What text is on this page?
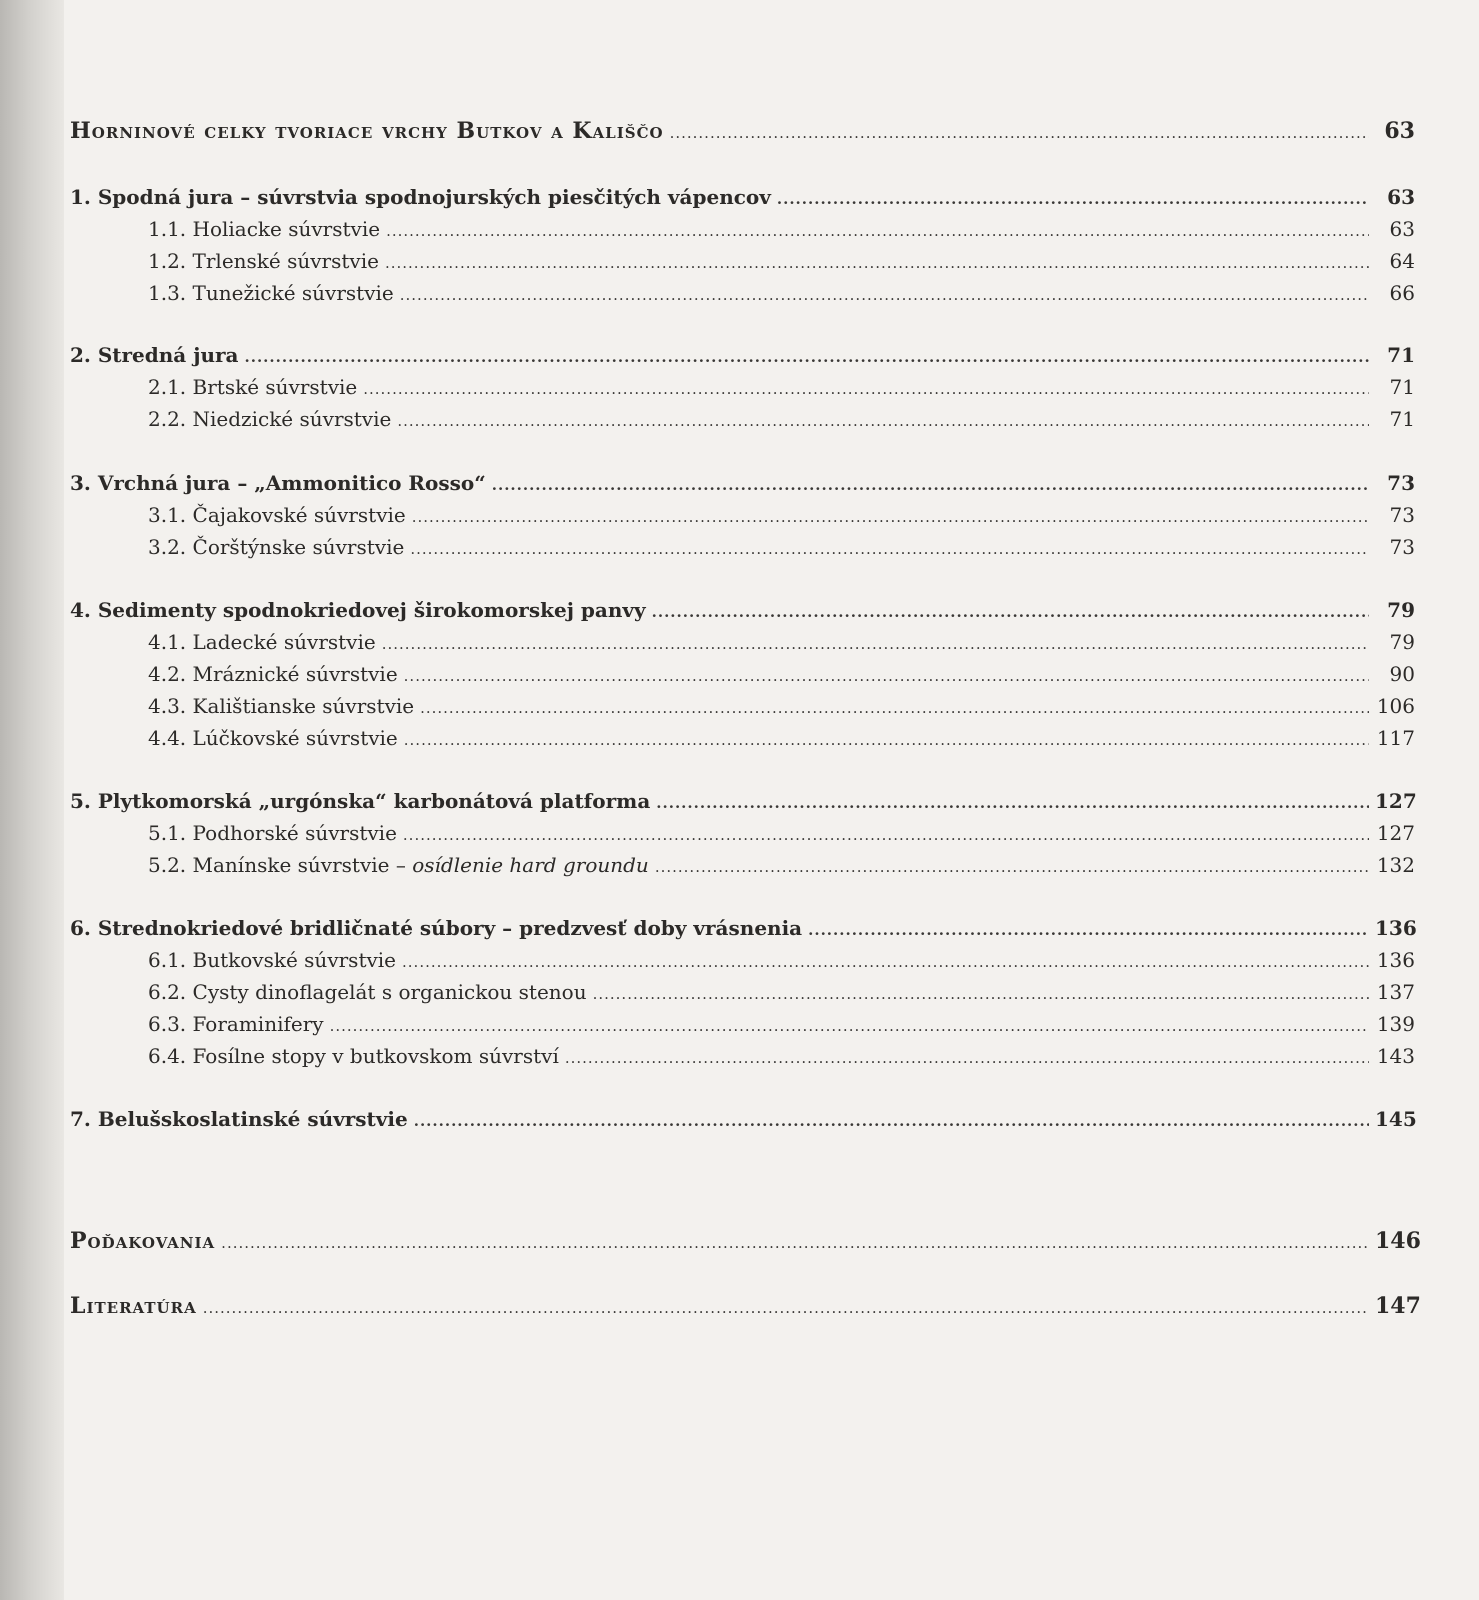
Horninové celky tvoriace vrchy Butkov a Kališčo .....	63
1. Spodná jura – súvrstvia spodnojurských piesčitých vápencov .....	63
1.1. Holiacke súvrstvie .....	63
1.2. Trlenské súvrstvie .....	64
1.3. Tunežické súvrstvie .....	66
2. Stredná jura .....	71
2.1. Brtské súvrstvie .....	71
2.2. Niedzické súvrstvie .....	71
3. Vrchná jura – „Ammonitico Rosso“ .....	73
3.1. Čajakovské súvrstvie .....	73
3.2. Čorštýnske súvrstvie .....	73
4. Sedimenty spodnokriedovej širokomorskej panvy .....	79
4.1. Ladecké súvrstvie .....	79
4.2. Mráznické súvrstvie .....	90
4.3. Kalištianske súvrstvie .....	106
4.4. Lúčkovské súvrstvie .....	117
5. Plytkomorská „urgónska“ karbonátová platforma .....	127
5.1. Podhorské súvrstvie .....	127
5.2. Manínske súvrstvie – osídlenie hard groundu .....	132
6. Strednokriedové bridličnaté súbory – predzvesť doby vrásnenia .....	136
6.1. Butkovské súvrstvie .....	136
6.2. Cysty dinoflagelát s organickou stenou .....	137
6.3. Foraminifery .....	139
6.4. Fosílne stopy v butkovskom súvrství .....	143
7. Belušskoslatinské súvrstvie .....	145
Poďakovania .....	146
Literatúra .....	147
